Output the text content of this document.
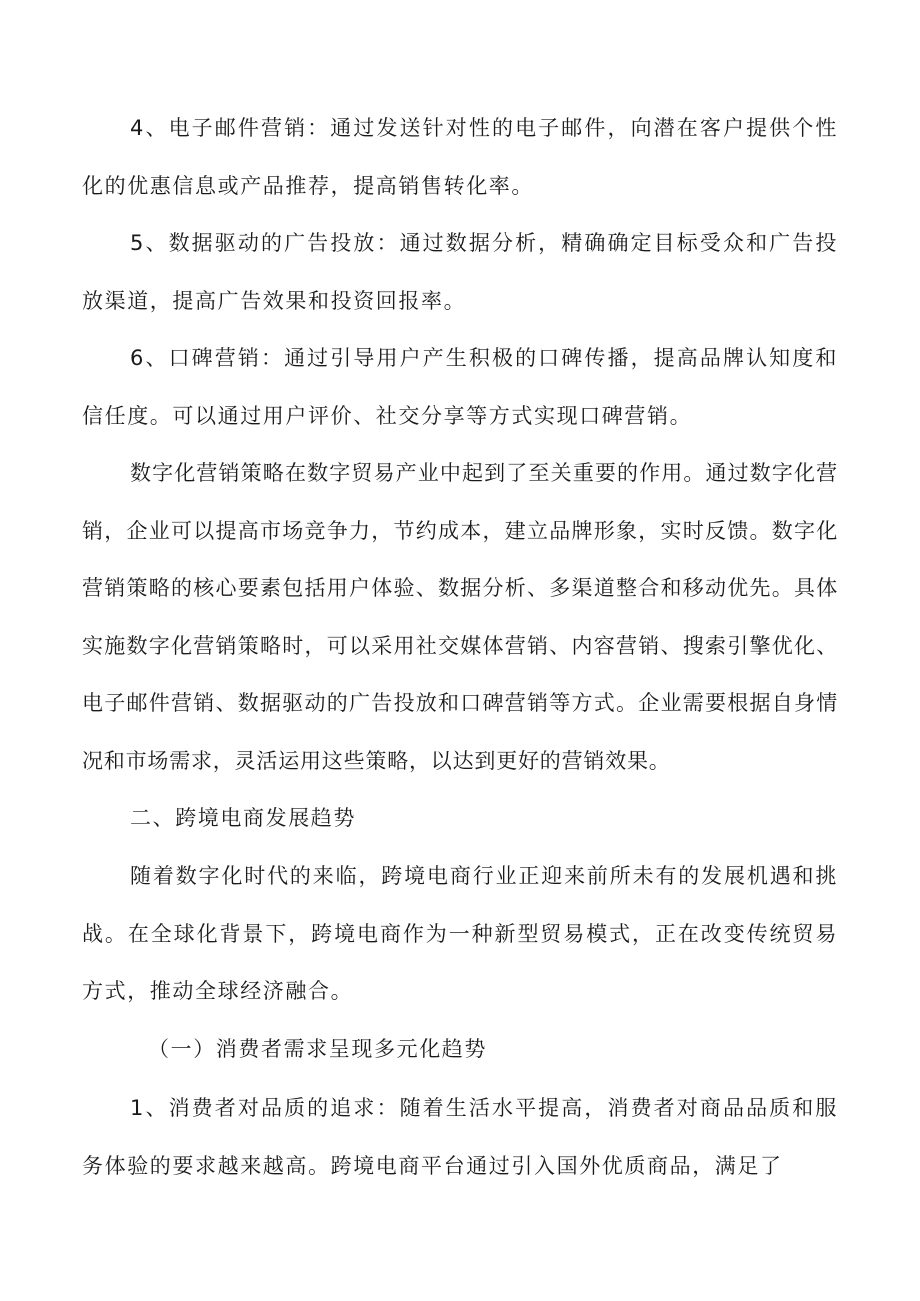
4、电子邮件营销：通过发送针对性的电子邮件，向潜在客户提供个性化的优惠信息或产品推荐，提高销售转化率。

5、数据驱动的广告投放：通过数据分析，精确确定目标受众和广告投放渠道，提高广告效果和投资回报率。

6、口碑营销：通过引导用户产生积极的口碑传播，提高品牌认知度和信任度。可以通过用户评价、社交分享等方式实现口碑营销。

数字化营销策略在数字贸易产业中起到了至关重要的作用。通过数字化营销，企业可以提高市场竞争力，节约成本，建立品牌形象，实时反馈。数字化营销策略的核心要素包括用户体验、数据分析、多渠道整合和移动优先。具体实施数字化营销策略时，可以采用社交媒体营销、内容营销、搜索引擎优化、电子邮件营销、数据驱动的广告投放和口碑营销等方式。企业需要根据自身情况和市场需求，灵活运用这些策略，以达到更好的营销效果。

二、跨境电商发展趋势

随着数字化时代的来临，跨境电商行业正迎来前所未有的发展机遇和挑战。在全球化背景下，跨境电商作为一种新型贸易模式，正在改变传统贸易方式，推动全球经济融合。

（一）消费者需求呈现多元化趋势

1、消费者对品质的追求：随着生活水平提高，消费者对商品品质和服务体验的要求越来越高。跨境电商平台通过引入国外优质商品，满足了
